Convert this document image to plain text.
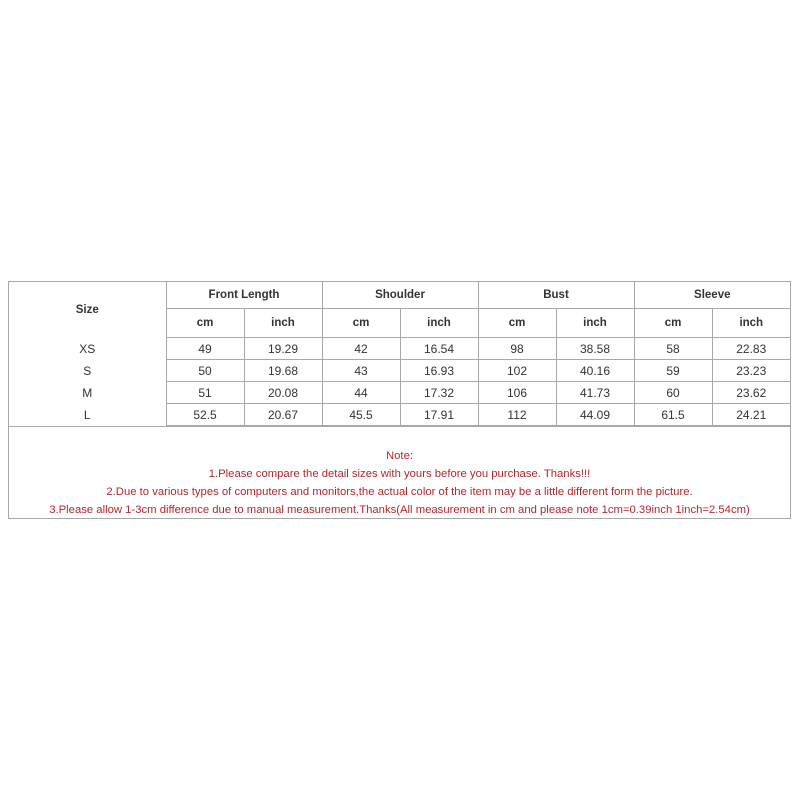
Size	Front Length		Shoulder		Bust		Sleeve	
	cm	inch	cm	inch	cm	inch	cm	inch
XS	49	19.29	42	16.54	98	38.58	58	22.83
S	50	19.68	43	16.93	102	40.16	59	23.23
M	51	20.08	44	17.32	106	41.73	60	23.62
L	52.5	20.67	45.5	17.91	112	44.09	61.5	24.21
Note:
1.Please compare the detail sizes with yours before you purchase. Thanks!!!
2.Due to various types of computers and monitors,the actual color of the item may be a little different form the picture.
3.Please allow 1-3cm difference due to manual measurement.Thanks(All measurement in cm and please note 1cm=0.39inch 1inch=2.54cm)
